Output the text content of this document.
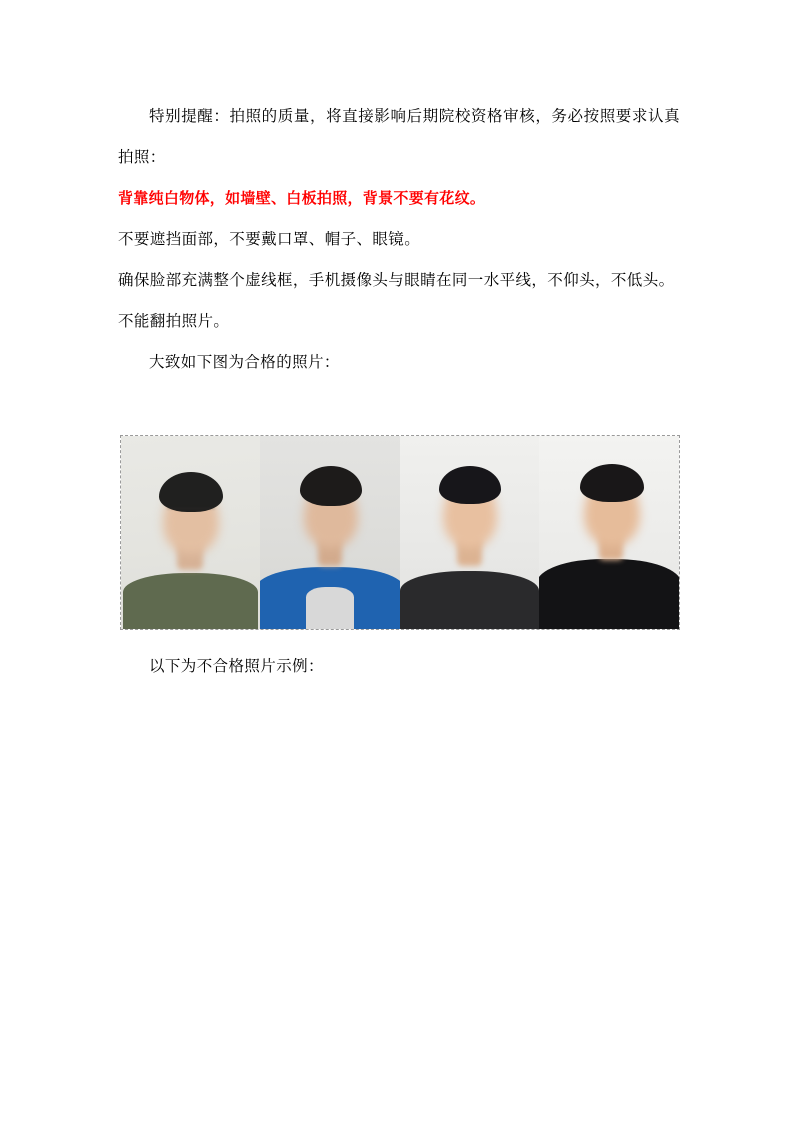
特别提醒：拍照的质量，将直接影响后期院校资格审核，务必按照要求认真拍照：

背靠纯白物体，如墙壁、白板拍照，背景不要有花纹。

不要遮挡面部，不要戴口罩、帽子、眼镜。

确保脸部充满整个虚线框，手机摄像头与眼睛在同一水平线，不仰头，不低头。

不能翻拍照片。

大致如下图为合格的照片：

以下为不合格照片示例：
